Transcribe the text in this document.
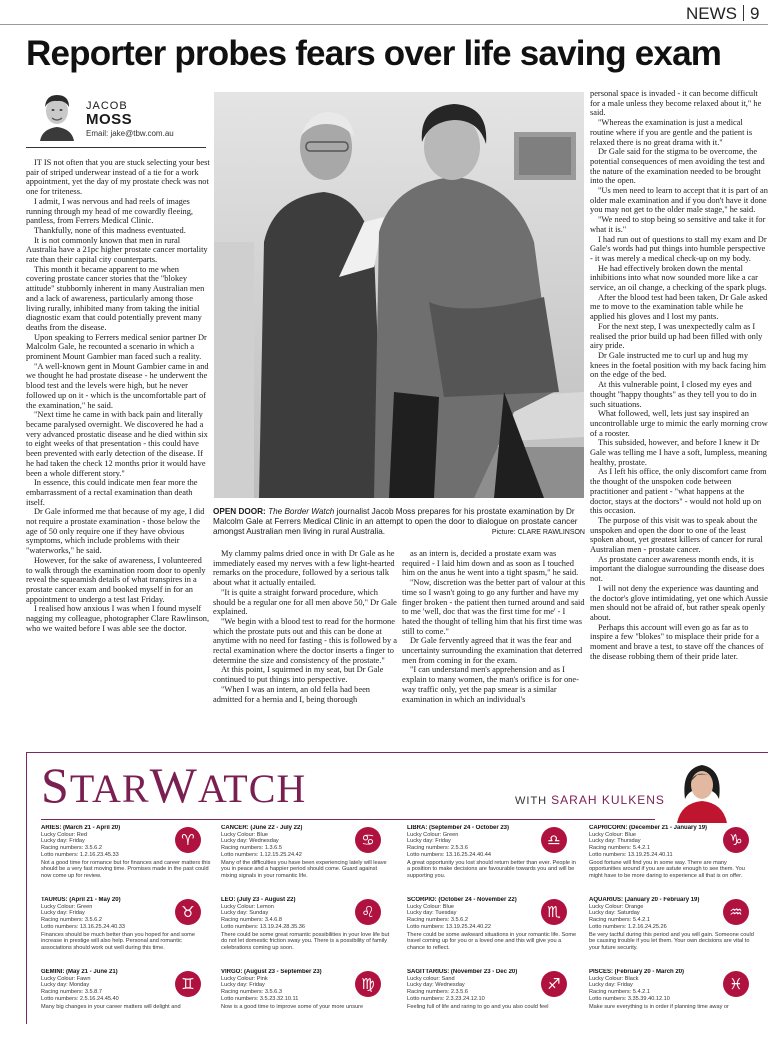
NEWS 9
Reporter probes fears over life saving exam
JACOB
MOSS
Email: jake@tbw.com.au

IT IS not often that you are stuck selecting your best pair of striped underwear instead of a tie for a work appointment, yet the day of my prostate check was not one for triteness.

I admit, I was nervous and had reels of images running through my head of me cowardly fleeing, pantless, from Ferrers Medical Clinic.

Thankfully, none of this madness eventuated.

It is not commonly known that men in rural Australia have a 21pc higher prostate cancer mortality rate than their capital city counterparts.

This month it became apparent to me when covering prostate cancer stories that the "blokey attitude" stubbornly inherent in many Australian men and a lack of awareness, particularly among those living rurally, inhibited many from taking the initial diagnostic exam that could potentially prevent many deaths from the disease.

Upon speaking to Ferrers medical senior partner Dr Malcolm Gale, he recounted a scenario in which a prominent Mount Gambier man faced such a reality.

"A well-known gent in Mount Gambier came in and we thought he had prostate disease - he underwent the blood test and the levels were high, but he never followed up on it - which is the uncomfortable part of the examination," he said.

"Next time he came in with back pain and literally became paralysed overnight. We discovered he had a very advanced prostatic disease and he died within six to eight weeks of that presentation - this could have been prevented with early detection of the disease. If he had taken the check 12 months prior it would have been a whole different story."

In essence, this could indicate men fear more the embarrassment of a rectal examination than death itself.

Dr Gale informed me that because of my age, I did not require a prostate examination - those below the age of 50 only require one if they have obvious symptoms, which include problems with their "waterworks," he said.

However, for the sake of awareness, I volunteered to walk through the examination room door to openly reveal the squeamish details of what transpires in a prostate cancer exam and booked myself in for an appointment to undergo a test last Friday.

I realised how anxious I was when I found myself nagging my colleague, photographer Clare Rawlinson, who we waited before I was able see the doctor.

OPEN DOOR: The Border Watch journalist Jacob Moss prepares for his prostate examination by Dr Malcolm Gale at Ferrers Medical Clinic in an attempt to open the door to dialogue on prostate cancer amongst Australian men living in rural Australia.	Picture: CLARE RAWLINSON

My clammy palms dried once in with Dr Gale as he immediately eased my nerves with a few light-hearted remarks on the procedure, followed by a serious talk about what it actually entailed.

"It is quite a straight forward procedure, which should be a regular one for all men above 50," Dr Gale explained.

"We begin with a blood test to read for the hormone which the prostate puts out and this can be done at anytime with no need for fasting - this is followed by a rectal examination where the doctor inserts a finger to determine the size and consistency of the prostate."

At this point, I squirmed in my seat, but Dr Gale continued to put things into perspective.

"When I was an intern, an old fella had been admitted for a hernia and I, being thorough

as an intern is, decided a prostate exam was required - I laid him down and as soon as I touched him on the anus he went into a tight spasm," he said.

"Now, discretion was the better part of valour at this time so I wasn't going to go any further and have my finger broken - the patient then turned around and said to me 'well, doc that was the first time for me' - I hated the thought of telling him that his first time was still to come."

Dr Gale fervently agreed that it was the fear and uncertainty surrounding the examination that deterred men from coming in for the exam.

"I can understand men's apprehension and as I explain to many women, the man's orifice is for one-way traffic only, yet the pap smear is a similar examination in which an individual's

personal space is invaded - it can become difficult for a male unless they become relaxed about it," he said.

"Whereas the examination is just a medical routine where if you are gentle and the patient is relaxed there is no great drama with it."

Dr Gale said for the stigma to be overcome, the potential consequences of men avoiding the test and the nature of the examination needed to be brought into the open.

"Us men need to learn to accept that it is part of an older male examination and if you don't have it done you may not get to the older male stage," he said.

"We need to stop being so sensitive and take it for what it is."

I had run out of questions to stall my exam and Dr Gale's words had put things into humble perspective - it was merely a medical check-up on my body.

He had effectively broken down the mental inhibitions into what now sounded more like a car service, an oil change, a checking of the spark plugs.

After the blood test had been taken, Dr Gale asked me to move to the examination table while he applied his gloves and I lost my pants.

For the next step, I was unexpectedly calm as I realised the prior build up had been filled with only airy pride.

Dr Gale instructed me to curl up and hug my knees in the foetal position with my back facing him on the edge of the bed.

At this vulnerable point, I closed my eyes and thought "happy thoughts" as they tell you to do in such situations.

What followed, well, lets just say inspired an uncontrollable urge to mimic the early morning crow of a rooster.

This subsided, however, and before I knew it Dr Gale was telling me I have a soft, lumpless, meaning healthy, prostate.

As I left his office, the only discomfort came from the thought of the unspoken code between practitioner and patient - "what happens at the doctor, stays at the doctors" - would not hold up on this occasion.

The purpose of this visit was to speak about the unspoken and open the door to one of the least spoken about, yet greatest killers of cancer for rural Australian men - prostate cancer.

As prostate cancer awareness month ends, it is important the dialogue surrounding the disease does not.

I will not deny the experience was daunting and the doctor's glove intimidating, yet one which Aussie men should not be afraid of, but rather speak openly about.

Perhaps this account will even go as far as to inspire a few "blokes" to misplace their pride for a moment and brave a test, to stave off the chances of the disease robbing them of their pride later.

STARWATCH	WITH SARAH KULKENS
♈
ARIES: (March 21 - April 20)
Lucky Colour: Red
Lucky day: Friday
Racing numbers: 3.5.6.2
Lotto numbers: 1.2.16.23.45.33
Not a good time for romance but for finances and career matters this should be a very fast moving time. Promises made in the past could now come up for review.
♉
TAURUS: (April 21 - May 20)
Lucky Colour: Green
Lucky day: Friday
Racing numbers: 3.5.6.2
Lotto numbers: 13.16.25.24.40.33
Finances should be much better than you hoped for and some increase in prestige will also help. Personal and romantic associations should work out well during this time.
♊
GEMINI: (May 21 - June 21)
Lucky Colour: Fawn
Lucky day: Monday
Racing numbers: 3.5.8.7
Lotto numbers: 2.5.16.24.45.40
Many big changes in your career matters will delight and
♋
CANCER: (June 22 - July 22)
Lucky Colour: Blue
Lucky day: Wednesday
Racing numbers: 1.3.6.5
Lotto numbers: 1.12.15.25.24.42
Many of the difficulties you have been experiencing lately will leave you in peace and a happier period should come. Guard against mixing signals in your romantic life.
♌
LEO: (July 23 - August 22)
Lucky Colour: Lemon
Lucky day: Sunday
Racing numbers: 3.4.6.8
Lotto numbers: 13.19.24.28.35.36
There could be some great romantic possibilities in your love life but do not let domestic friction sway you. There is a possibility of family celebrations coming up soon.
♍
VIRGO: (August 23 - September 23)
Lucky Colour: Pink
Lucky day: Friday
Racing numbers: 3.5.6.3
Lotto numbers: 3.5.23.32.10.11
Now is a good time to improve some of your more unsure
♎
LIBRA: (September 24 - October 23)
Lucky Colour: Green
Lucky day: Friday
Racing numbers: 2.5.3.6
Lotto numbers: 13.16.25.24.40.44
A great opportunity you lost should return better than ever. People in a position to make decisions are favourable towards you and will be supporting you.
♏
SCORPIO: (October 24 - November 22)
Lucky Colour: Blue
Lucky day: Tuesday
Racing numbers: 3.5.6.2
Lotto numbers: 13.19.25.24.40.22
There could be some awkward situations in your romantic life. Some travel coming up for you or a loved one and this will give you a chance to reflect.
♐
SAGITTARIUS: (November 23 - Dec 20)
Lucky colour: Sand
Lucky day: Wednesday
Racing numbers: 2.3.5.6
Lotto numbers: 2.3.23.24.12.10
Feeling full of life and raring to go and you also could feel
♑
CAPRICORN: (December 21 - January 19)
Lucky Colour: Blue
Lucky day: Thursday
Racing numbers: 5.4.2.1
Lotto numbers: 13.19.25.24.40.11
Good fortune will find you in some way. There are many opportunities around if you are astute enough to see them. You might have to be more daring to experience all that is on offer.
♒
AQUARIUS: (January 20 - February 19)
Lucky Colour: Orange
Lucky day: Saturday
Racing numbers: 5.4.2.1
Lotto numbers: 1.2.16.24.25.26
Be very tactful during this period and you will gain. Someone could be causing trouble if you let them. Your own decisions are vital to your future security.
♓
PISCES: (February 20 - March 20)
Lucky Colour: Black
Lucky day: Friday
Racing numbers: 5.4.2.1
Lotto numbers: 3.35.39.40.12.10
Make sure everything is in order if planning time away or
